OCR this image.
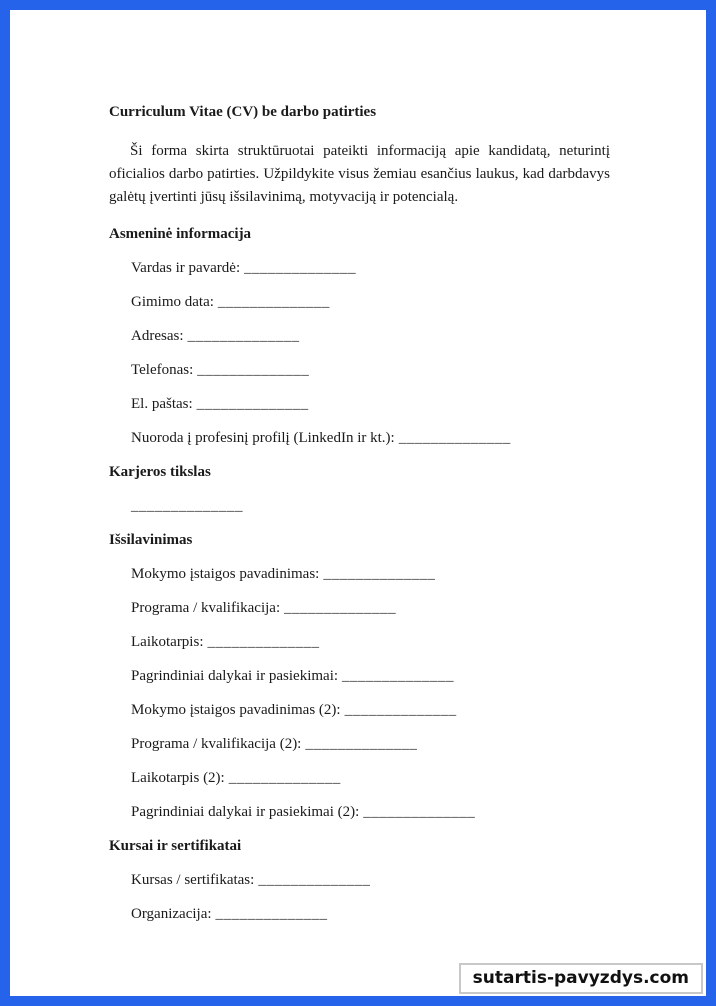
Curriculum Vitae (CV) be darbo patirties

Ši forma skirta struktūruotai pateikti informaciją apie kandidatą, neturintį oficialios darbo patirties. Užpildykite visus žemiau esančius laukus, kad darbdavys galėtų įvertinti jūsų išsilavinimą, motyvaciją ir potencialą.

Asmeninė informacija
Vardas ir pavardė: ______________
Gimimo data: ______________
Adresas: ______________
Telefonas: ______________
El. paštas: ______________
Nuoroda į profesinį profilį (LinkedIn ir kt.): ______________
Karjeros tikslas
______________
Išsilavinimas
Mokymo įstaigos pavadinimas: ______________
Programa / kvalifikacija: ______________
Laikotarpis: ______________
Pagrindiniai dalykai ir pasiekimai: ______________
Mokymo įstaigos pavadinimas (2): ______________
Programa / kvalifikacija (2): ______________
Laikotarpis (2): ______________
Pagrindiniai dalykai ir pasiekimai (2): ______________
Kursai ir sertifikatai
Kursas / sertifikatas: ______________
Organizacija: ______________
sutartis-pavyzdys.com
